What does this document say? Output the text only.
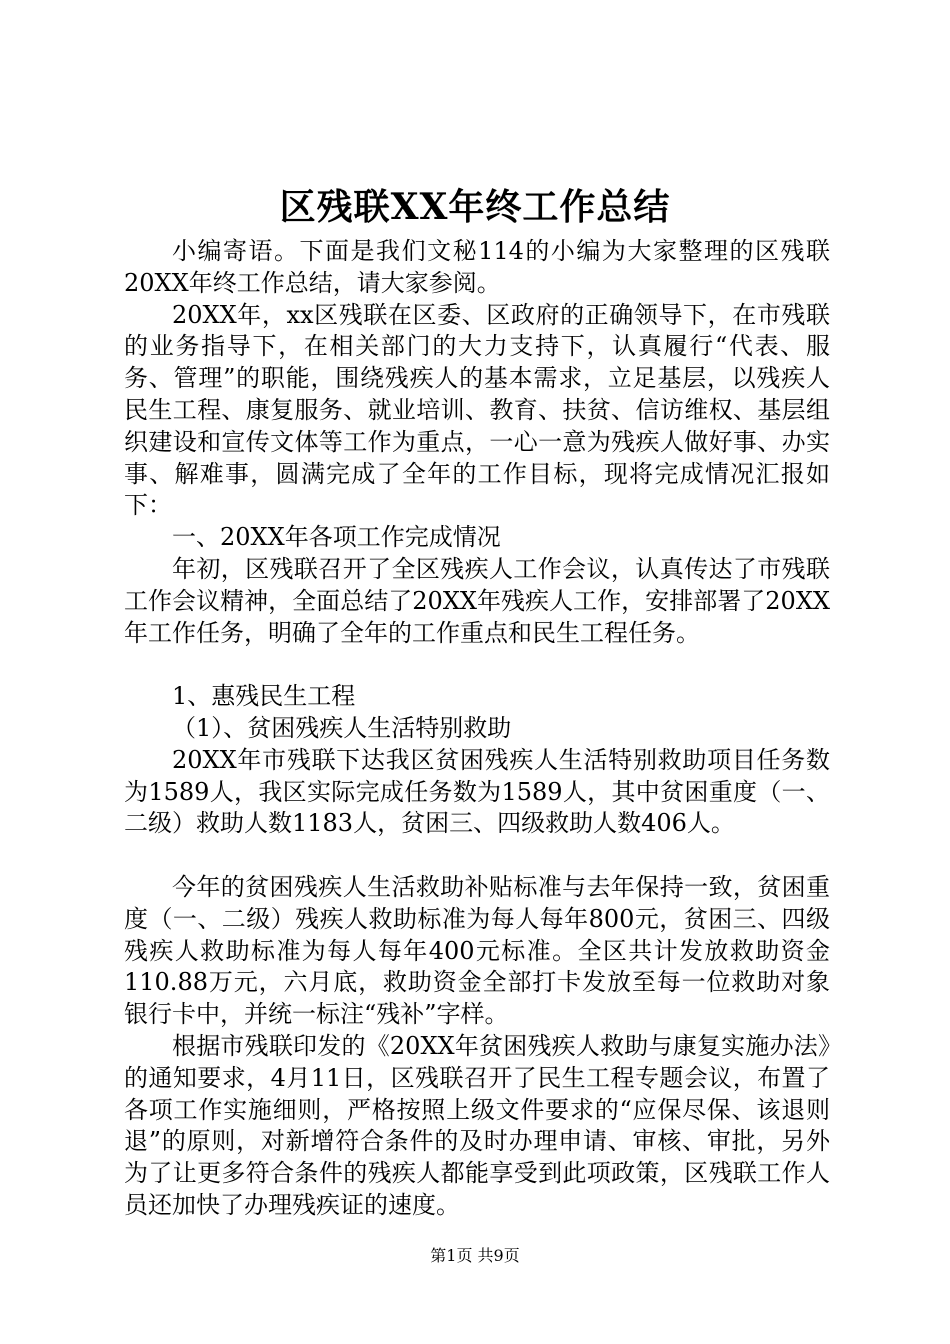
区残联XX年终工作总结

小编寄语。下面是我们文秘114的小编为大家整理的区残联20XX年终工作总结，请大家参阅。

20XX年，xx区残联在区委、区政府的正确领导下，在市残联的业务指导下，在相关部门的大力支持下，认真履行“代表、服务、管理”的职能，围绕残疾人的基本需求，立足基层，以残疾人民生工程、康复服务、就业培训、教育、扶贫、信访维权、基层组织建设和宣传文体等工作为重点，一心一意为残疾人做好事、办实事、解难事，圆满完成了全年的工作目标，现将完成情况汇报如下：

一、20XX年各项工作完成情况

年初，区残联召开了全区残疾人工作会议，认真传达了市残联工作会议精神，全面总结了20XX年残疾人工作，安排部署了20XX年工作任务，明确了全年的工作重点和民生工程任务。

1、惠残民生工程

（1）、贫困残疾人生活特别救助

20XX年市残联下达我区贫困残疾人生活特别救助项目任务数为1589人，我区实际完成任务数为1589人，其中贫困重度（一、二级）救助人数1183人，贫困三、四级救助人数406人。

今年的贫困残疾人生活救助补贴标准与去年保持一致，贫困重度（一、二级）残疾人救助标准为每人每年800元，贫困三、四级残疾人救助标准为每人每年400元标准。全区共计发放救助资金110.88万元，六月底，救助资金全部打卡发放至每一位救助对象银行卡中，并统一标注“残补”字样。

根据市残联印发的《20XX年贫困残疾人救助与康复实施办法》的通知要求，4月11日，区残联召开了民生工程专题会议，布置了各项工作实施细则，严格按照上级文件要求的“应保尽保、该退则退”的原则，对新增符合条件的及时办理申请、审核、审批，另外为了让更多符合条件的残疾人都能享受到此项政策，区残联工作人员还加快了办理残疾证的速度。

第1页 共9页
